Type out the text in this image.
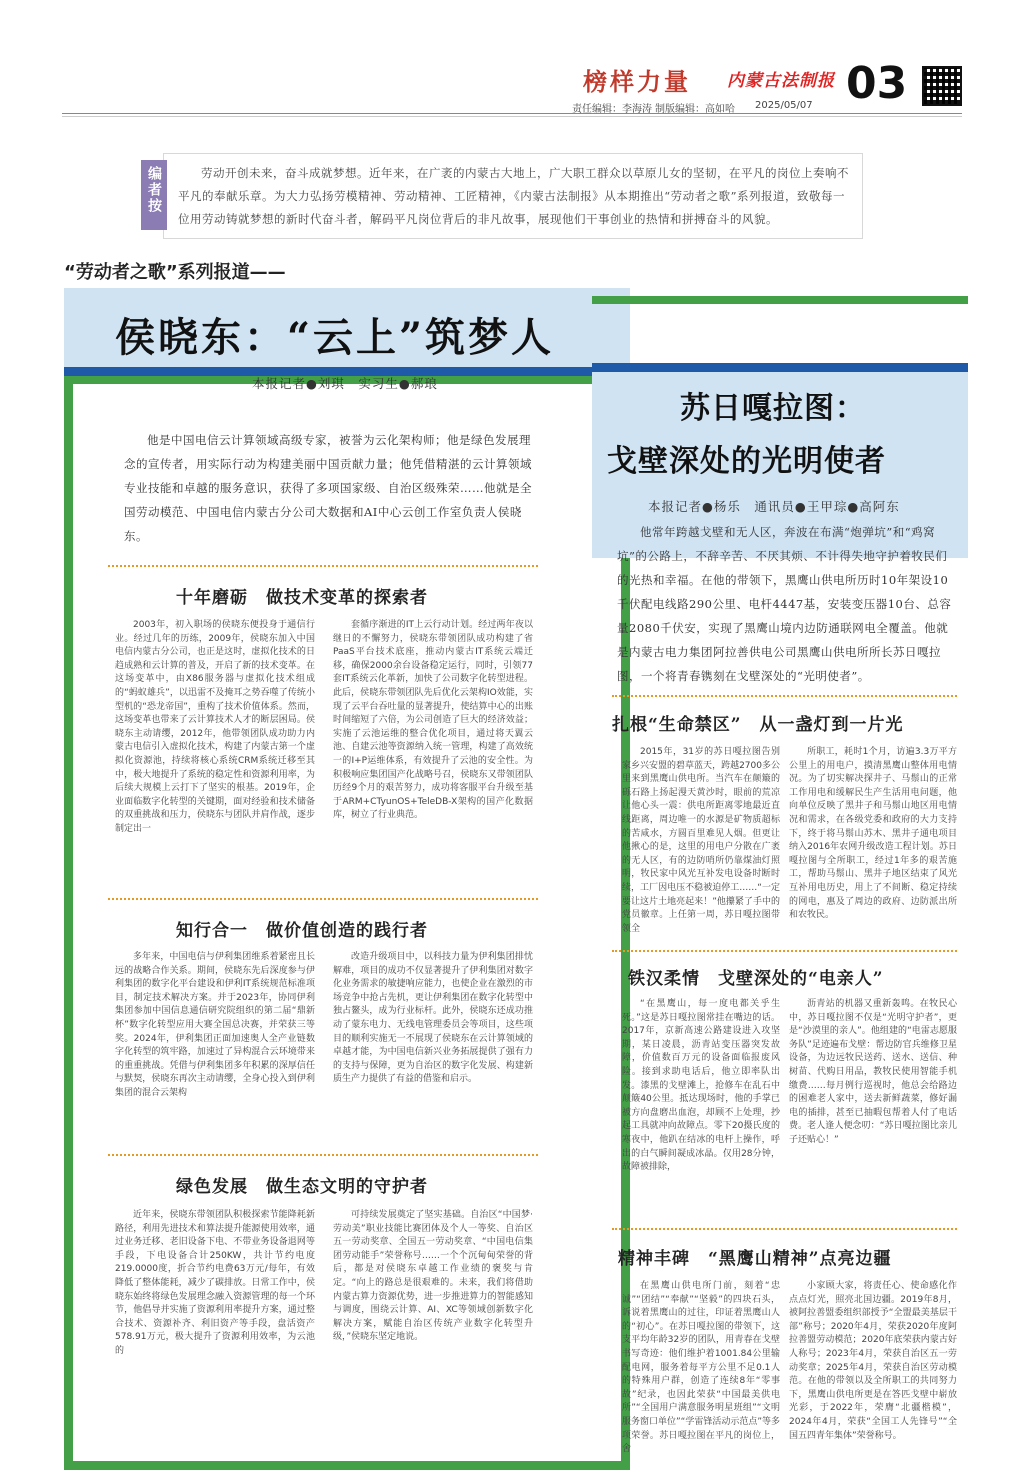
榜样力量 内蒙古法制报 03
责任编辑：李海涛 制版编辑：高如哈 2025/05/07
编者按	劳动开创未来，奋斗成就梦想。近年来，在广袤的内蒙古大地上，广大职工群众以草原儿女的坚韧，在平凡的岗位上奏响不平凡的奉献乐章。为大力弘扬劳模精神、劳动精神、工匠精神，《内蒙古法制报》从本期推出“劳动者之歌”系列报道，致敬每一位用劳动铸就梦想的新时代奋斗者，解码平凡岗位背后的非凡故事，展现他们干事创业的热情和拼搏奋斗的风貌。
“劳动者之歌”系列报道——
侯晓东：“云上”筑梦人
本报记者●刘琪　实习生●郝琅
他是中国电信云计算领域高级专家，被誉为云化架构师；他是绿色发展理念的宣传者，用实际行动为构建美丽中国贡献力量；他凭借精湛的云计算领域专业技能和卓越的服务意识，获得了多项国家级、自治区级殊荣……他就是全国劳动模范、中国电信内蒙古分公司大数据和AI中心云创工作室负责人侯晓东。
十年磨砺　做技术变革的探索者
2003年，初入职场的侯晓东便投身于通信行业。经过几年的历练，2009年，侯晓东加入中国电信内蒙古分公司，也正是这时，虚拟化技术的日趋成熟和云计算的普及，开启了新的技术变革。在这场变革中，由X86服务器与虚拟化技术组成的“蚂蚁雄兵”，以迅雷不及掩耳之势吞噬了传统小型机的“恐龙帝国”，重构了技术价值体系。然而，这场变革也带来了云计算技术人才的断层困局。侯晓东主动请缨，2012年，他带领团队成功助力内蒙古电信引入虚拟化技术，构建了内蒙古第一个虚拟化资源池，持续将核心系统CRM系统迁移至其中，极大地提升了系统的稳定性和资源利用率，为后续大规模上云打下了坚实的根基。2019年，企业面临数字化转型的关键期，面对经验和技术储备的双重挑战和压力，侯晓东与团队并肩作战，逐步制定出一
套循序渐进的IT上云行动计划。经过两年夜以继日的不懈努力，侯晓东带领团队成功构建了省PaaS平台技术底座，推动内蒙古IT系统云端迁移，确保2000余台设备稳定运行，同时，引领77套IT系统云化革新，加快了公司数字化转型进程。此后，侯晓东带领团队先后优化云架构IO效能，实现了云平台吞吐量的显著提升，使结算中心的出账时间缩短了六倍，为公司创造了巨大的经济效益；实施了云池运维的整合优化项目，通过将天翼云池、自建云池等资源纳入统一管理，构建了高效统一的I+P运维体系，有效提升了云池的安全性。为积极响应集团国产化战略号召，侯晓东又带领团队历经9个月的艰苦努力，成功将客服平台升级至基于ARM+CTyunOS+TeleDB-X架构的国产化数据库，树立了行业典范。
知行合一　做价值创造的践行者
多年来，中国电信与伊利集团维系着紧密且长远的战略合作关系。期间，侯晓东先后深度参与伊利集团的数字化平台建设和伊利IT系统规范标准项目，制定技术解决方案。并于2023年，协同伊利集团参加中国信息通信研究院组织的第二届“鼎新杯”数字化转型应用大赛全国总决赛，并荣获三等奖。2024年，伊利集团正面加速奥人全产业链数字化转型的筑牢路，加速过了异构混合云环境带来的重重挑战。凭借与伊利集团多年积累的深厚信任与默契，侯晓东再次主动请缨，全身心投入到伊利集团的混合云架构
改造升级项目中，以科技力量为伊利集团排忧解难，项目的成功不仅显著提升了伊利集团对数字化业务需求的敏捷响应能力，也使企业在激烈的市场竞争中抢占先机，更让伊利集团在数字化转型中独占鳌头，成为行业标杆。此外，侯晓东还成功推动了蒙东电力、无线电管理委员会等项目，这些项目的顺利实施无一不展现了侯晓东在云计算领域的卓越才能，为中国电信新兴业务拓展提供了强有力的支持与保障，更为自治区的数字化发展、构建新质生产力提供了有益的借鉴和启示。
绿色发展　做生态文明的守护者
近年来，侯晓东带领团队积极探索节能降耗新路径，利用先进技术和算法提升能源使用效率，通过业务迁移、老旧设备下电、不带业务设备退网等手段，下电设备合计250KW，共计节约电度219.0000度，折合节约电费63万元/每年，有效降低了整体能耗，减少了碳排放。日常工作中，侯晓东始终将绿色发展理念融入资源管理的每一个环节，他倡导并实施了资源利用率提升方案，通过整合技术、资源补齐、利旧资产等手段，盘活资产578.91万元，极大提升了资源利用效率，为云池的
可持续发展奠定了坚实基础。自治区“中国梦·劳动美”职业技能比赛团体及个人一等奖、自治区五一劳动奖章、全国五一劳动奖章、“中国电信集团劳动能手”荣誉称号……一个个沉甸甸荣誉的背后，都是对侯晓东卓越工作业绩的褒奖与肯定。“向上的路总是很艰难的。未来，我们将借助内蒙古算力资源优势，进一步推进算力的智能感知与调度，围绕云计算、AI、XC等领域创新数字化解决方案，赋能自治区传统产业数字化转型升级，”侯晓东坚定地说。
苏日嘎拉图：
戈壁深处的光明使者
本报记者●杨乐　通讯员●王甲琮●高阿东
他常年跨越戈壁和无人区，奔波在布满“炮弹坑”和“鸡窝坑”的公路上，不辞辛苦、不厌其烦、不计得失地守护着牧民们的光热和幸福。在他的带领下，黑鹰山供电所历时10年架设10千伏配电线路290公里、电杆4447基，安装变压器10台、总容量2080千伏安，实现了黑鹰山境内边防通联网电全覆盖。他就是内蒙古电力集团阿拉善供电公司黑鹰山供电所所长苏日嘎拉图，一个将青春镌刻在戈壁深处的“光明使者”。
扎根“生命禁区”　从一盏灯到一片光
2015年，31岁的苏日嘎拉图告别家乡兴安盟的碧草蓝天，跨越2700多公里来到黑鹰山供电所。当汽车在颠簸的砾石路上扬起漫天黄沙时，眼前的荒凉让他心头一震：供电所距离零地最近直线距离，周边唯一的水源是矿物质超标的苦咸水，方圆百里难见人烟。但更让他揪心的是，这里的用电户分散在广袤的无人区，有的边防哨所仍靠煤油灯照明，牧民家中风光互补发电设备时断时续，工厂因电压不稳被迫停工……“一定要让这片土地亮起来！”他攥紧了手中的党员徽章。上任第一周，苏日嘎拉图带领全
所职工，耗时1个月，访遍3.3万平方公里上的用电户，摸清黑鹰山整体用电情况。为了切实解决探井子、马鬃山的正常工作用电和缓解民生产生活用电问题，他向单位反映了黑井子和马鬃山地区用电情况和需求，在各级党委和政府的大力支持下，终于将马鬃山苏木、黑井子通电项目纳入2016年农网升级改造工程计划。苏日嘎拉图与全所职工，经过1年多的艰苦施工，帮助马鬃山、黑井子地区结束了风光互补用电历史，用上了不间断、稳定持续的网电，惠及了周边的政府、边防派出所和农牧民。
铁汉柔情　戈壁深处的“电亲人”
“在黑鹰山，每一度电都关乎生死。”这是苏日嘎拉图常挂在嘴边的话。2017年，京新高速公路建设进入攻坚期，某日凌晨，沥青站变压器突发故障，价值数百万元的设备面临报废风险。接到求助电话后，他立即率队出发。漆黑的戈壁滩上，抢修车在乱石中颠簸40公里。抵达现场时，他的手掌已被方向盘磨出血泡，却顾不上处理，抄起工具就冲向故障点。零下20摄氏度的寒夜中，他趴在结冰的电杆上操作，呼出的白气瞬间凝成冰晶。仅用28分钟，故障被排除，
沥青站的机器又重新轰鸣。在牧民心中，苏日嘎拉图不仅是“光明守护者”，更是“沙漠里的亲人”。他组建的“电雷志愿服务队”足迹遍布戈壁：帮边防官兵维修卫星设备，为边远牧民送药、送水、送信、种树苗、代购日用品，教牧民使用智能手机缴费……每月例行巡视时，他总会给路边的困难老人家中，送去新鲜蔬菜，修好漏电的插排，甚至已抽暇包帮着人付了电话费。老人逢人便念叨：“苏日嘎拉图比亲儿子还贴心！”
精神丰碑　“黑鹰山精神”点亮边疆
在黑鹰山供电所门前，刻着“忠诚”“团结”“奉献”“坚毅”的四块石头，诉说着黑鹰山的过往，印证着黑鹰山人的“初心”。在苏日嘎拉图的带领下，这支平均年龄32岁的团队，用青春在戈壁书写奇迹：他们维护着1001.84公里输配电网，服务着每平方公里不足0.1人的特殊用户群，创造了连续8年“零事故”纪录，也因此荣获“中国最美供电所”“全国用户满意服务明星班组”“文明服务窗口单位”“学雷锋活动示范点”等多项荣誉。苏日嘎拉图在平凡的岗位上，舍
小家顾大家，将责任心、使命感化作点点灯光，照亮北国边疆。2019年8月，被阿拉善盟委组织部授予“全盟最美基层干部”称号；2020年4月，荣获2020年度阿拉善盟劳动模范；2020年底荣获内蒙古好人称号；2023年4月，荣获自治区五一劳动奖章；2025年4月，荣获自治区劳动模范。在他的带领以及全所职工的共同努力下，黑鹰山供电所更是在答匹戈壁中崭放光彩，于2022年，荣膺“北疆楷模”，2024年4月，荣获“全国工人先锋号”“全国五四青年集体”荣誉称号。
